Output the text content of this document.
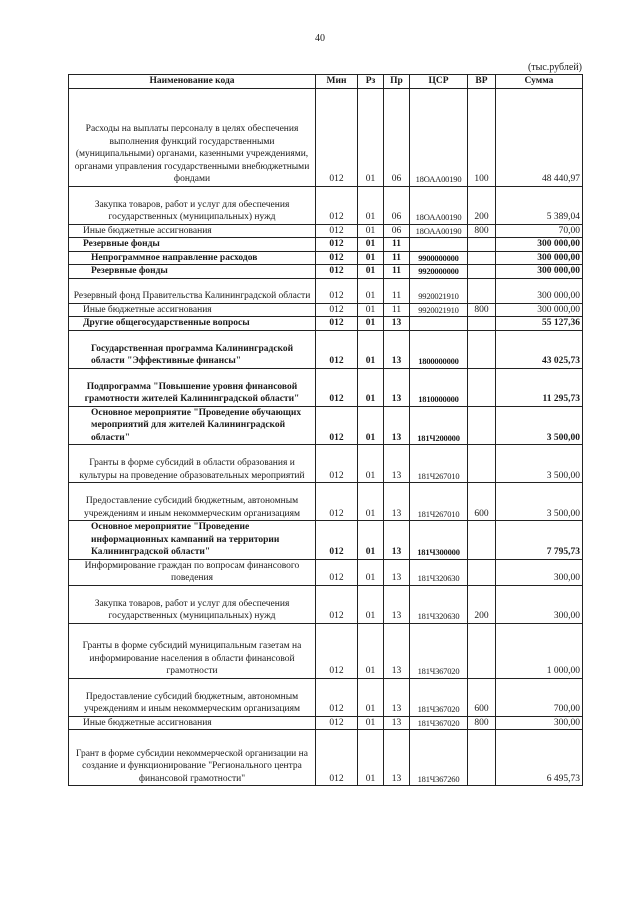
40
(тыс.рублей)
Наименование кода	Мин	Рз	Пр	ЦСР	ВР	Сумма
Расходы на выплаты персоналу в целях обеспечения выполнения функций государственными (муниципальными) органами, казенными учреждениями, органами управления государственными внебюджетными фондами	012	01	06	18ОАА00190	100	48 440,97
Закупка товаров, работ и услуг для обеспечения государственных (муниципальных) нужд	012	01	06	18ОАА00190	200	5 389,04
Иные бюджетные ассигнования	012	01	06	18ОАА00190	800	70,00
Резервные фонды	012	01	11			300 000,00
Непрограммное направление расходов	012	01	11	9900000000		300 000,00
Резервные фонды	012	01	11	9920000000		300 000,00
Резервный фонд Правительства Калининградской области	012	01	11	9920021910		300 000,00
Иные бюджетные ассигнования	012	01	11	9920021910	800	300 000,00
Другие общегосударственные вопросы	012	01	13			55 127,36
Государственная программа Калининградской области "Эффективные финансы"	012	01	13	1800000000		43 025,73
Подпрограмма "Повышение уровня финансовой грамотности жителей Калининградской области"	012	01	13	1810000000		11 295,73
Основное мероприятие "Проведение обучающих мероприятий для жителей Калининградской области"	012	01	13	181Ч200000		3 500,00
Гранты в форме субсидий в области образования и культуры на проведение образовательных мероприятий	012	01	13	181Ч267010		3 500,00
Предоставление субсидий бюджетным, автономным учреждениям и иным некоммерческим организациям	012	01	13	181Ч267010	600	3 500,00
Основное мероприятие "Проведение информационных кампаний на территории Калининградской области"	012	01	13	181Ч300000		7 795,73
Информирование граждан по вопросам финансового поведения	012	01	13	181Ч320630		300,00
Закупка товаров, работ и услуг для обеспечения государственных (муниципальных) нужд	012	01	13	181Ч320630	200	300,00
Гранты в форме субсидий муниципальным газетам на информирование населения в области финансовой грамотности	012	01	13	181Ч367020		1 000,00
Предоставление субсидий бюджетным, автономным учреждениям и иным некоммерческим организациям	012	01	13	181Ч367020	600	700,00
Иные бюджетные ассигнования	012	01	13	181Ч367020	800	300,00
Грант в форме субсидии некоммерческой организации на создание и функционирование "Регионального центра финансовой грамотности"	012	01	13	181Ч367260		6 495,73
